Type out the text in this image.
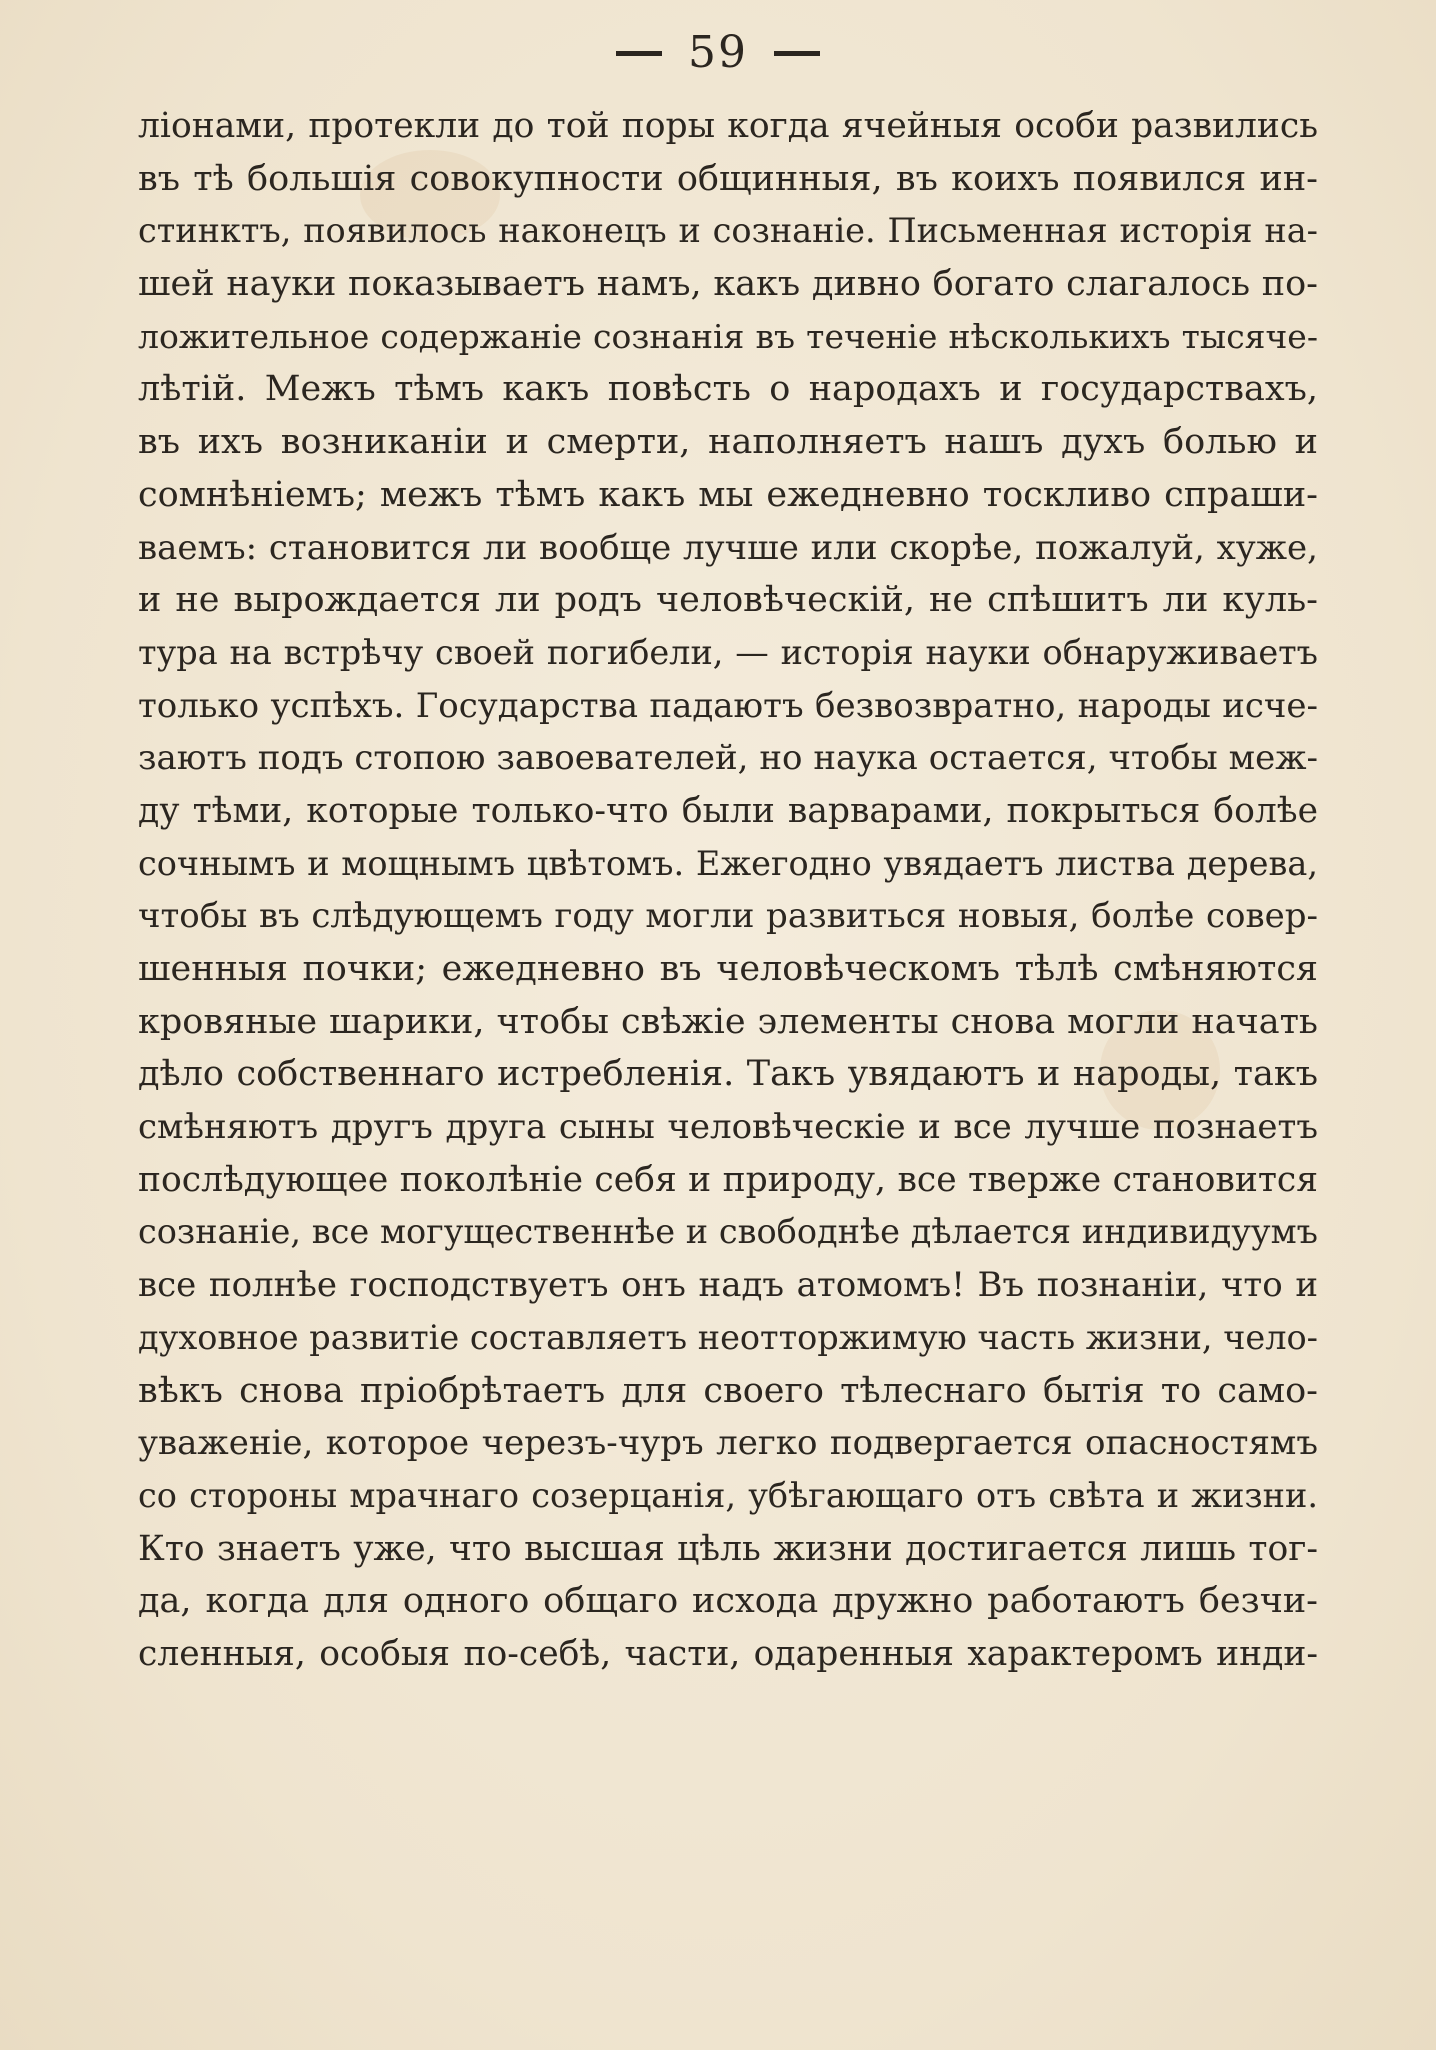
59
ліонами, протекли до той поры когда ячейныя особи развились
въ тѣ большія совокупности общинныя, въ коихъ появился ин-
стинктъ, появилось наконецъ и сознаніе. Письменная исторія на-
шей науки показываетъ намъ, какъ дивно богато слагалось по-
ложительное содержаніе сознанія въ теченіе нѣсколькихъ тысяче-
лѣтій. Межъ тѣмъ какъ повѣсть о народахъ и государствахъ,
въ ихъ возниканіи и смерти, наполняетъ нашъ духъ болью и
сомнѣніемъ; межъ тѣмъ какъ мы ежедневно тоскливо спраши-
ваемъ: становится ли вообще лучше или скорѣе, пожалуй, хуже,
и не вырождается ли родъ человѣческій, не спѣшитъ ли куль-
тура на встрѣчу своей погибели, — исторія науки обнаруживаетъ
только успѣхъ. Государства падаютъ безвозвратно, народы исче-
заютъ подъ стопою завоевателей, но наука остается, чтобы меж-
ду тѣми, которые только-что были варварами, покрыться болѣе
сочнымъ и мощнымъ цвѣтомъ. Ежегодно увядаетъ листва дерева,
чтобы въ слѣдующемъ году могли развиться новыя, болѣе совер-
шенныя почки; ежедневно въ человѣческомъ тѣлѣ смѣняются
кровяные шарики, чтобы свѣжіе элементы снова могли начать
дѣло собственнаго истребленія. Такъ увядаютъ и народы, такъ
смѣняютъ другъ друга сыны человѣческіе и все лучше познаетъ
послѣдующее поколѣніе себя и природу, все тверже становится
сознаніе, все могущественнѣе и свободнѣе дѣлается индивидуумъ
все полнѣе господствуетъ онъ надъ атомомъ! Въ познаніи, что и
духовное развитіе составляетъ неотторжимую часть жизни, чело-
вѣкъ снова пріобрѣтаетъ для своего тѣлеснаго бытія то само-
уваженіе, которое черезъ-чуръ легко подвергается опасностямъ
со стороны мрачнаго созерцанія, убѣгающаго отъ свѣта и жизни.
Кто знаетъ уже, что высшая цѣль жизни достигается лишь тог-
да, когда для одного общаго исхода дружно работаютъ безчи-
сленныя, особыя по-себѣ, части, одаренныя характеромъ инди-
